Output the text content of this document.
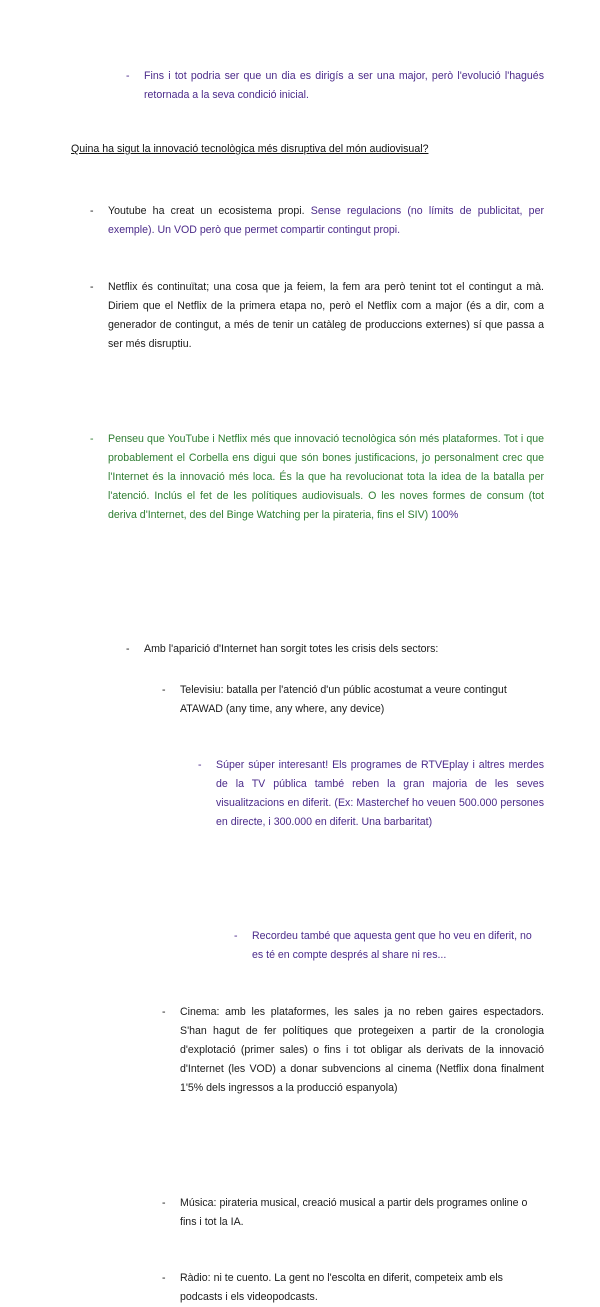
- Fins i tot podria ser que un dia es dirigís a ser una major, però l'evolució l'hagués retornada a la seva condició inicial.
Quina ha sigut la innovació tecnològica més disruptiva del món audiovisual?
- Youtube ha creat un ecosistema propi. Sense regulacions (no límits de publicitat, per exemple). Un VOD però que permet compartir contingut propi.
- Netflix és continuïtat; una cosa que ja feiem, la fem ara però tenint tot el contingut a mà. Diriem que el Netflix de la primera etapa no, però el Netflix com a major (és a dir, com a generador de contingut, a més de tenir un catàleg de produccions externes) sí que passa a ser més disruptiu.
- Penseu que YouTube i Netflix més que innovació tecnològica són més plataformes. Tot i que probablement el Corbella ens digui que són bones justificacions, jo personalment crec que l'Internet és la innovació més loca. És la que ha revolucionat tota la idea de la batalla per l'atenció. Inclús el fet de les polítiques audiovisuals. O les noves formes de consum (tot deriva d'Internet, des del Binge Watching per la pirateria, fins el SIV) 100%
- Amb l'aparició d'Internet han sorgit totes les crisis dels sectors:
- Televisiu: batalla per l'atenció d'un públic acostumat a veure contingut ATAWAD (any time, any where, any device)
- Súper súper interesant! Els programes de RTVEplay i altres merdes de la TV pública també reben la gran majoria de les seves visualitzacions en diferit. (Ex: Masterchef ho veuen 500.000 persones en directe, i 300.000 en diferit. Una barbaritat)
- Recordeu també que aquesta gent que ho veu en diferit, no es té en compte després al share ni res...
- Cinema: amb les plataformes, les sales ja no reben gaires espectadors. S'han hagut de fer polítiques que protegeixen a partir de la cronologia d'explotació (primer sales) o fins i tot obligar als derivats de la innovació d'Internet (les VOD) a donar subvencions al cinema (Netflix dona finalment 1'5% dels ingressos a la producció espanyola)
- Música: pirateria musical, creació musical a partir dels programes online o fins i tot la IA.
- Ràdio: ni te cuento. La gent no l'escolta en diferit, competeix amb els podcasts i els videopodcasts.
